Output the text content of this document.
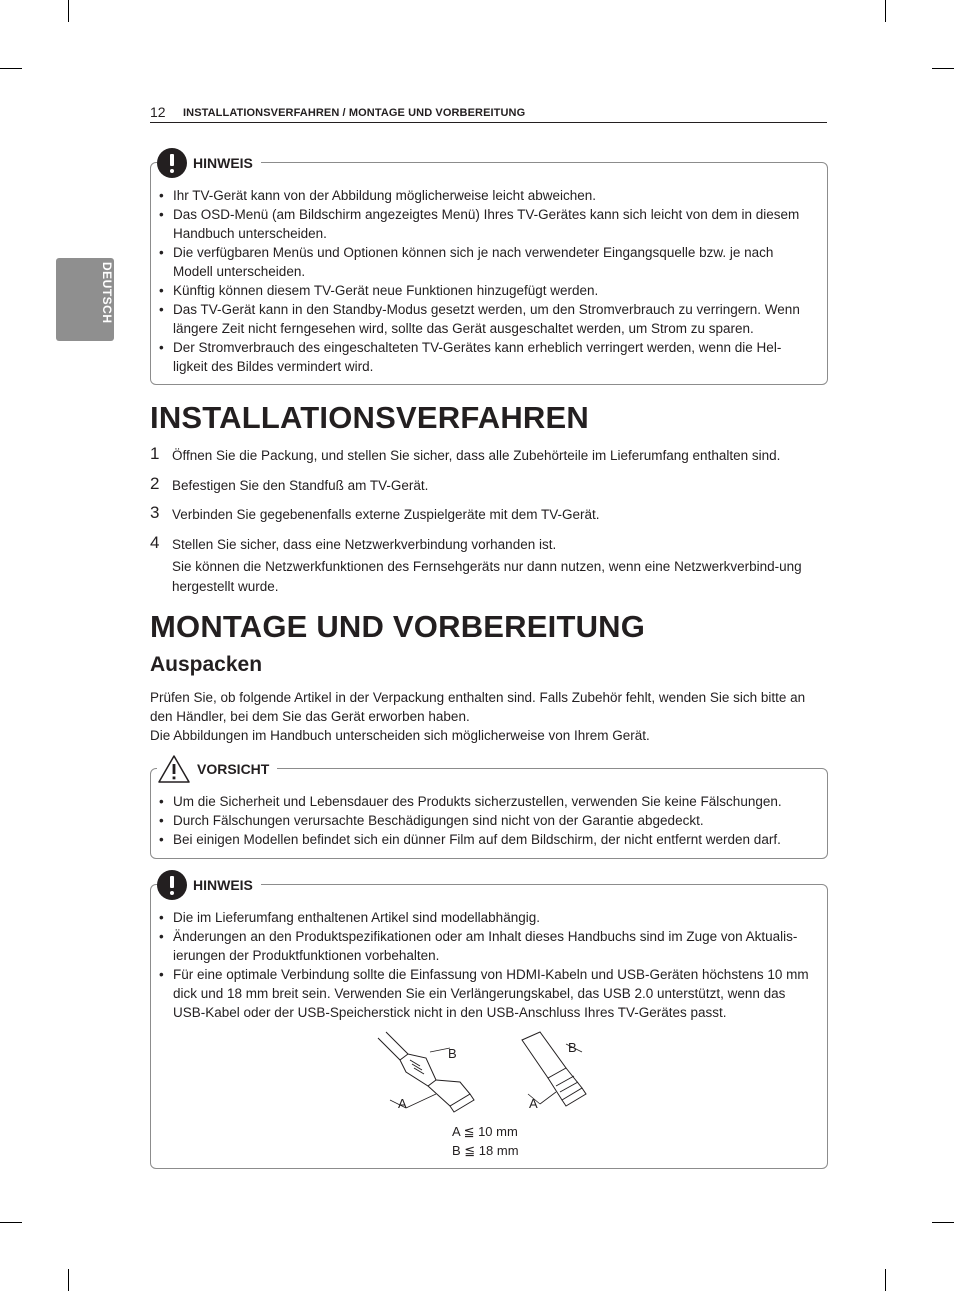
12 INSTALLATIONSVERFAHREN / MONTAGE UND VORBEREITUNG
DEUTSCH
HINWEIS
• Ihr TV-Gerät kann von der Abbildung möglicherweise leicht abweichen.
• Das OSD-Menü (am Bildschirm angezeigtes Menü) Ihres TV-Gerätes kann sich leicht von dem in diesem Handbuch unterscheiden.
• Die verfügbaren Menüs und Optionen können sich je nach verwendeter Eingangsquelle bzw. je nach Modell unterscheiden.
• Künftig können diesem TV-Gerät neue Funktionen hinzugefügt werden.
• Das TV-Gerät kann in den Standby-Modus gesetzt werden, um den Stromverbrauch zu verringern. Wenn längere Zeit nicht ferngesehen wird, sollte das Gerät ausgeschaltet werden, um Strom zu sparen.
• Der Stromverbrauch des eingeschalteten TV-Gerätes kann erheblich verringert werden, wenn die Hel-ligkeit des Bildes vermindert wird.
INSTALLATIONSVERFAHREN
1 Öffnen Sie die Packung, und stellen Sie sicher, dass alle Zubehörteile im Lieferumfang enthalten sind.
2 Befestigen Sie den Standfuß am TV-Gerät.
3 Verbinden Sie gegebenenfalls externe Zuspielgeräte mit dem TV-Gerät.
4 Stellen Sie sicher, dass eine Netzwerkverbindung vorhanden ist.
Sie können die Netzwerkfunktionen des Fernsehgeräts nur dann nutzen, wenn eine Netzwerkverbind-ung hergestellt wurde.
MONTAGE UND VORBEREITUNG
Auspacken
Prüfen Sie, ob folgende Artikel in der Verpackung enthalten sind. Falls Zubehör fehlt, wenden Sie sich bitte an den Händler, bei dem Sie das Gerät erworben haben.
Die Abbildungen im Handbuch unterscheiden sich möglicherweise von Ihrem Gerät.
VORSICHT
• Um die Sicherheit und Lebensdauer des Produkts sicherzustellen, verwenden Sie keine Fälschungen.
• Durch Fälschungen verursachte Beschädigungen sind nicht von der Garantie abgedeckt.
• Bei einigen Modellen befindet sich ein dünner Film auf dem Bildschirm, der nicht entfernt werden darf.
HINWEIS
• Die im Lieferumfang enthaltenen Artikel sind modellabhängig.
• Änderungen an den Produktspezifikationen oder am Inhalt dieses Handbuchs sind im Zuge von Aktualis-ierungen der Produktfunktionen vorbehalten.
• Für eine optimale Verbindung sollte die Einfassung von HDMI-Kabeln und USB-Geräten höchstens 10 mm dick und 18 mm breit sein. Verwenden Sie ein Verlängerungskabel, das USB 2.0 unterstützt, wenn das USB-Kabel oder der USB-Speicherstick nicht in den USB-Anschluss Ihres TV-Gerätes passt.
B
A
B
A
A ≦ 10 mm
B ≦ 18 mm
